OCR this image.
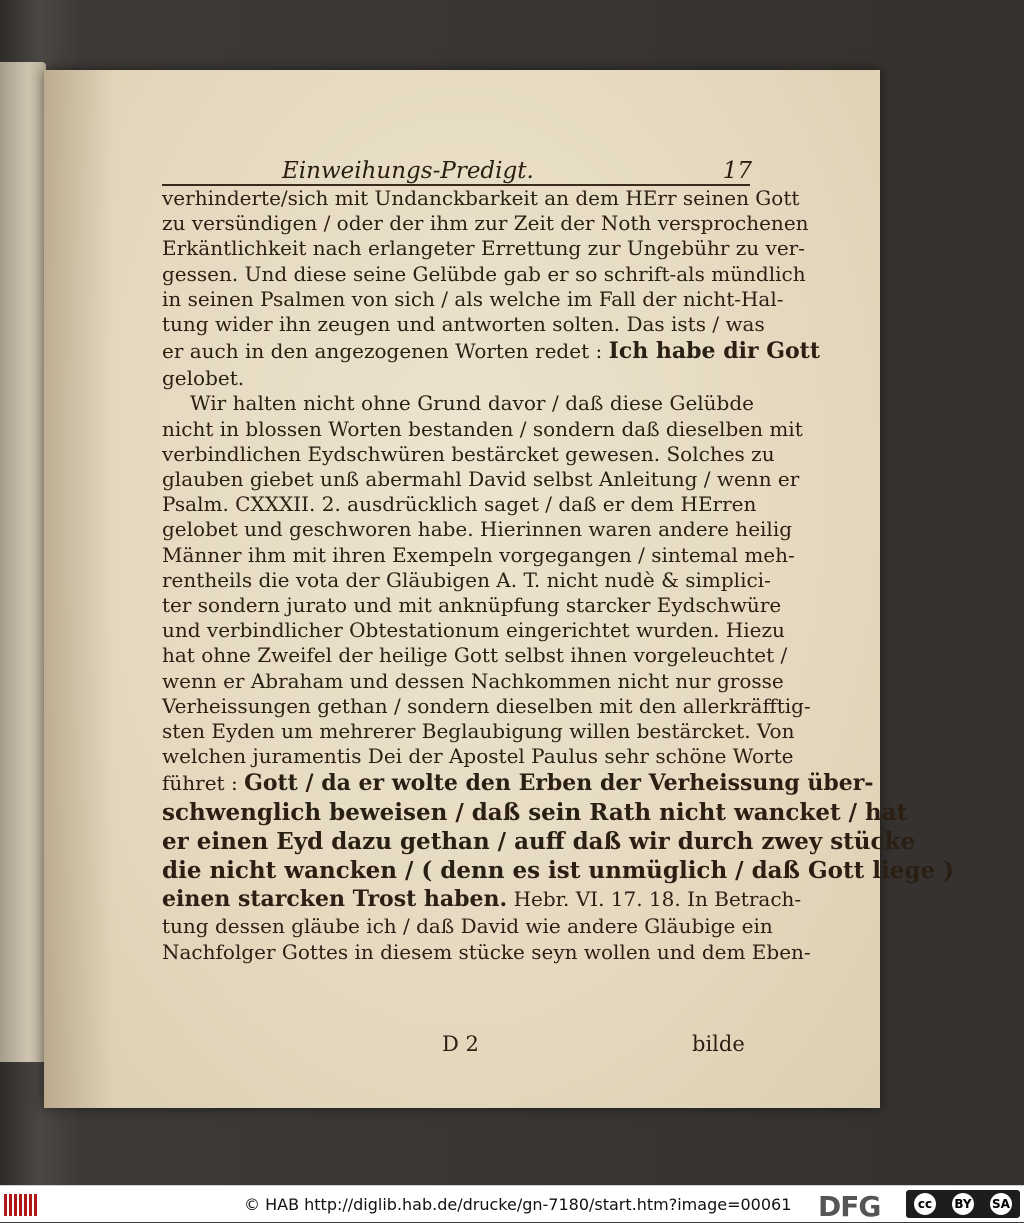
Einweihungs-Predigt.	17
verhinderte/sich mit Undanckbarkeit an dem HErr seinen Gott
zu versündigen / oder der ihm zur Zeit der Noth versprochenen
Erkäntlichkeit nach erlangeter Errettung zur Ungebühr zu ver-
gessen. Und diese seine Gelübde gab er so schrift-als mündlich
in seinen Psalmen von sich / als welche im Fall der nicht-Hal-
tung wider ihn zeugen und antworten solten. Das ists / was
er auch in den angezogenen Worten redet : Ich habe dir Gott
gelobet.
Wir halten nicht ohne Grund davor / daß diese Gelübde
nicht in blossen Worten bestanden / sondern daß dieselben mit
verbindlichen Eydschwüren bestärcket gewesen. Solches zu
glauben giebet unß abermahl David selbst Anleitung / wenn er
Psalm. CXXXII. 2. ausdrücklich saget / daß er dem HErren
gelobet und geschworen habe. Hierinnen waren andere heilig
Männer ihm mit ihren Exempeln vorgegangen / sintemal meh-
rentheils die vota der Gläubigen A. T. nicht nudè & simplici-
ter sondern jurato und mit anknüpfung starcker Eydschwüre
und verbindlicher Obtestationum eingerichtet wurden. Hiezu
hat ohne Zweifel der heilige Gott selbst ihnen vorgeleuchtet /
wenn er Abraham und dessen Nachkommen nicht nur grosse
Verheissungen gethan / sondern dieselben mit den allerkräfftig-
sten Eyden um mehrerer Beglaubigung willen bestärcket. Von
welchen juramentis Dei der Apostel Paulus sehr schöne Worte
führet : Gott / da er wolte den Erben der Verheissung über-
schwenglich beweisen / daß sein Rath nicht wancket / hat
er einen Eyd dazu gethan / auff daß wir durch zwey stücke
die nicht wancken / ( denn es ist unmüglich / daß Gott liege )
einen starcken Trost haben. Hebr. VI. 17. 18. In Betrach-
tung dessen gläube ich / daß David wie andere Gläubige ein
Nachfolger Gottes in diesem stücke seyn wollen und dem Eben-
D 2	bilde
© HAB http://diglib.hab.de/drucke/gn-7180/start.htm?image=00061 DFG	cc	BY SA
